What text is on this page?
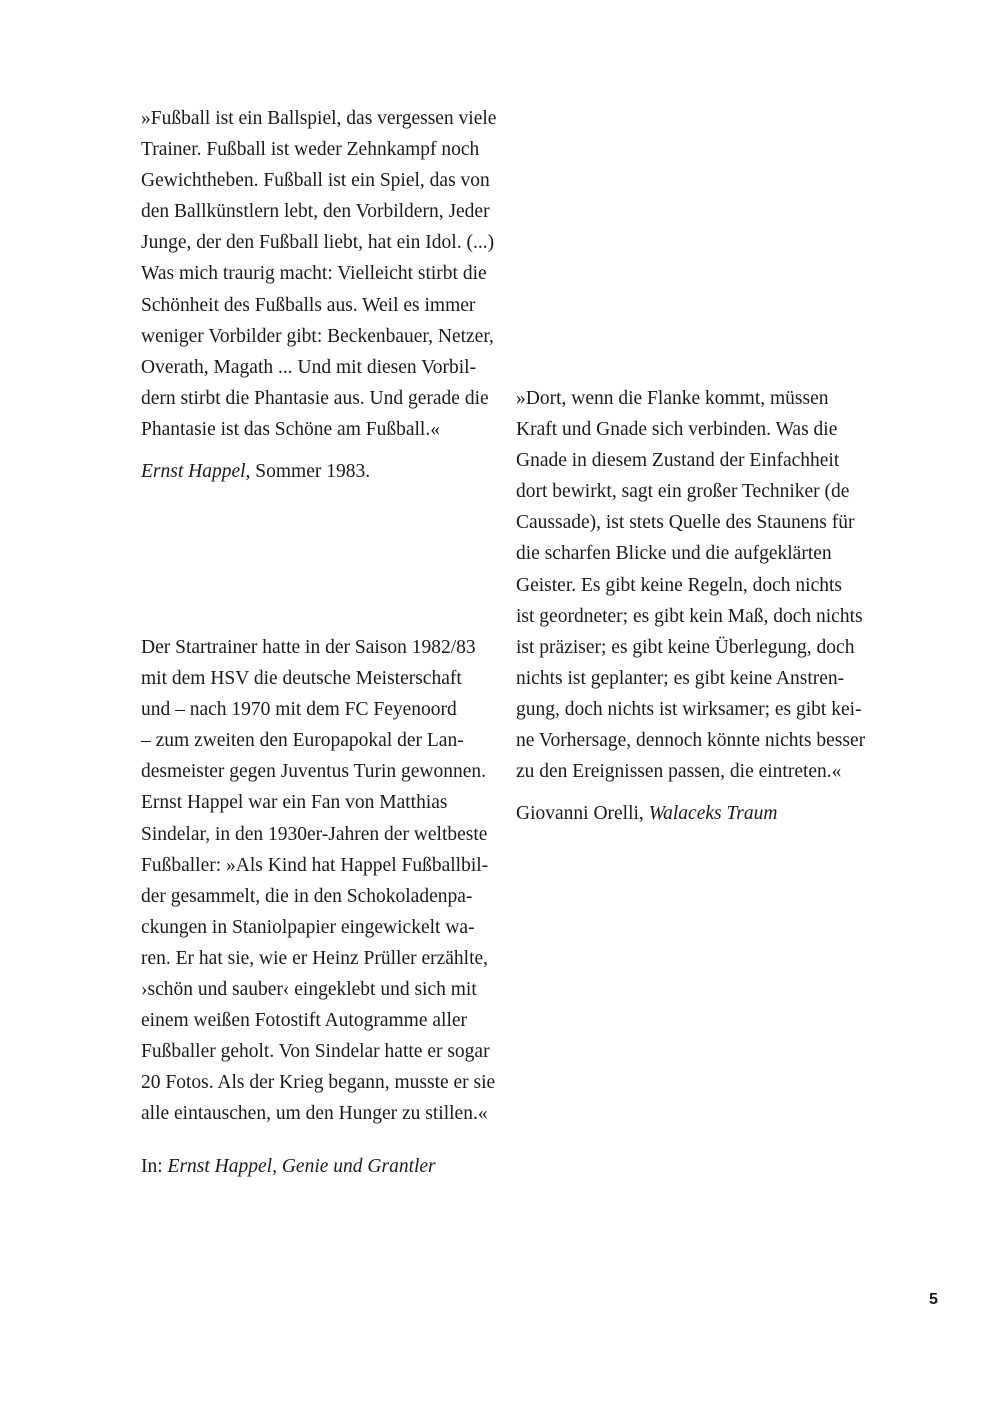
»Fußball ist ein Ballspiel, das vergessen viele
Trainer. Fußball ist weder Zehnkampf noch
Gewichtheben. Fußball ist ein Spiel, das von
den Ballkünstlern lebt, den Vorbildern, Jeder
Junge, der den Fußball liebt, hat ein Idol. (...)
Was mich traurig macht: Vielleicht stirbt die
Schönheit des Fußballs aus. Weil es immer
weniger Vorbilder gibt: Beckenbauer, Netzer,
Overath, Magath ... Und mit diesen Vorbil-
dern stirbt die Phantasie aus. Und gerade die
Phantasie ist das Schöne am Fußball.«
Ernst Happel, Sommer 1983.
»Dort, wenn die Flanke kommt, müssen
Kraft und Gnade sich verbinden. Was die
Gnade in diesem Zustand der Einfachheit
dort bewirkt, sagt ein großer Techniker (de
Caussade), ist stets Quelle des Staunens für
die scharfen Blicke und die aufgeklärten
Geister. Es gibt keine Regeln, doch nichts
ist geordneter; es gibt kein Maß, doch nichts
ist präziser; es gibt keine Überlegung, doch
nichts ist geplanter; es gibt keine Anstren-
gung, doch nichts ist wirksamer; es gibt kei-
ne Vorhersage, dennoch könnte nichts besser
zu den Ereignissen passen, die eintreten.«
Giovanni Orelli, Walaceks Traum
Der Startrainer hatte in der Saison 1982/83
mit dem HSV die deutsche Meisterschaft
und – nach 1970 mit dem FC Feyenoord
– zum zweiten den Europapokal der Lan-
desmeister gegen Juventus Turin gewonnen.
Ernst Happel war ein Fan von Matthias
Sindelar, in den 1930er-Jahren der weltbeste
Fußballer: »Als Kind hat Happel Fußballbil-
der gesammelt, die in den Schokoladenpa-
ckungen in Staniolpapier eingewickelt wa-
ren. Er hat sie, wie er Heinz Prüller erzählte,
›schön und sauber‹ eingeklebt und sich mit
einem weißen Fotostift Autogramme aller
Fußballer geholt. Von Sindelar hatte er sogar
20 Fotos. Als der Krieg begann, musste er sie
alle eintauschen, um den Hunger zu stillen.«
In: Ernst Happel, Genie und Grantler
5
